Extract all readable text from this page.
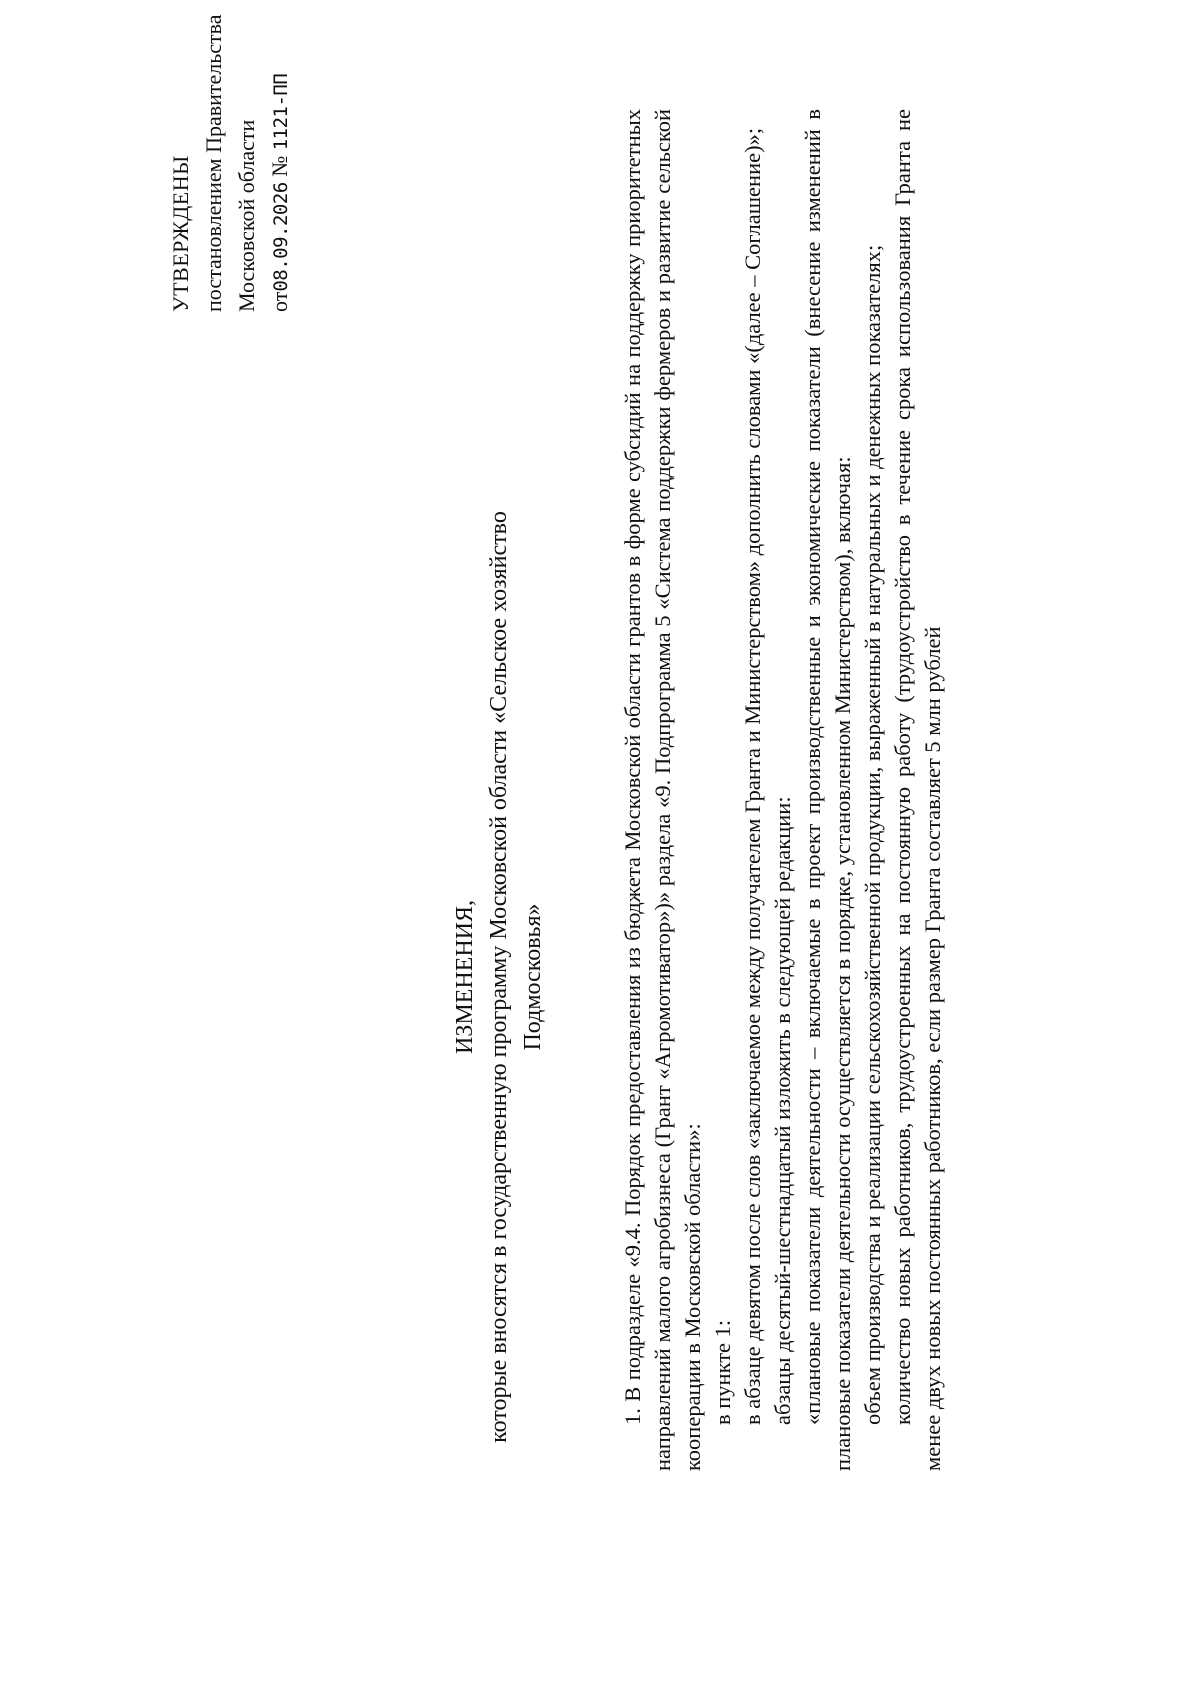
УТВЕРЖДЕНЫ постановлением Правительства Московской области от08.09.2026 № 1121-ПП
ИЗМЕНЕНИЯ, которые вносятся в государственную программу Московской области «Сельское хозяйство Подмосковья»	1. В подразделе «9.4. Порядок предоставления из бюджета Московской области грантов в форме субсидий на поддержку приоритетных направлений малого агробизнеса (Грант «Агромотиватор»)» раздела «9. Подпрограмма 5 «Система поддержки фермеров и развитие сельской кооперации в Московской области»: в пункте 1: в абзаце девятом после слов «заключаемое между получателем Гранта и Министерством» дополнить словами «(далее – Соглашение)»; абзацы десятый-шестнадцатый изложить в следующей редакции: «плановые показатели деятельности – включаемые в проект производственные и экономические показатели (внесение изменений в плановые показатели деятельности осуществляется в порядке, установленном Министерством), включая: объем производства и реализации сельскохозяйственной продукции, выраженный в натуральных и денежных показателях; количество новых работников, трудоустроенных на постоянную работу (трудоустройство в течение срока использования Гранта не менее двух новых постоянных работников, если размер Гранта составляет 5 млн рублей
